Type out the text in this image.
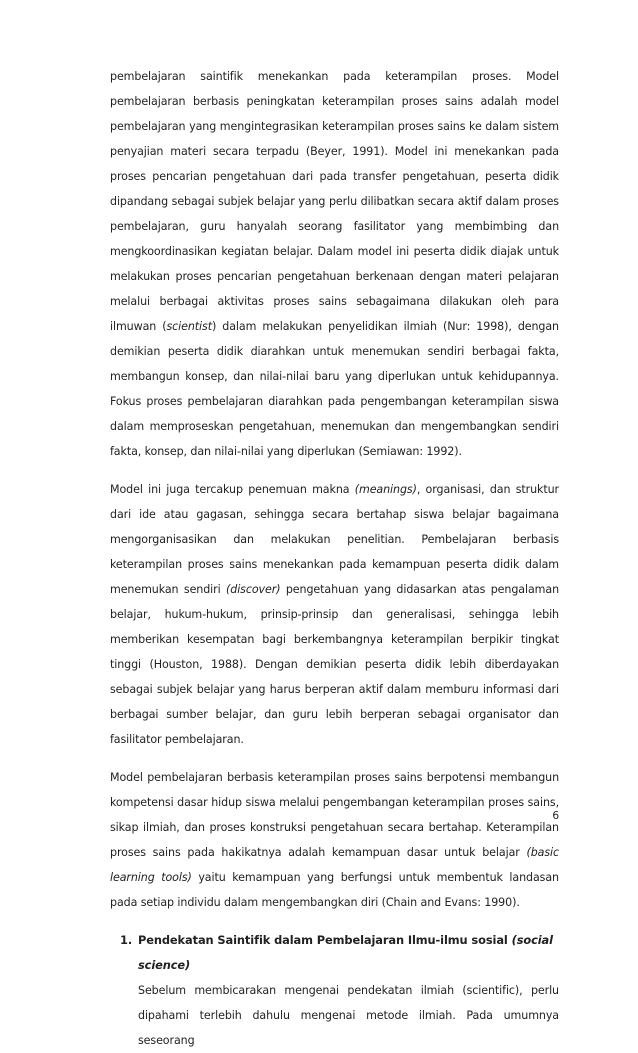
pembelajaran saintifik menekankan pada keterampilan proses. Model pembelajaran berbasis peningkatan keterampilan proses sains adalah model pembelajaran yang mengintegrasikan keterampilan proses sains ke dalam sistem penyajian materi secara terpadu (Beyer, 1991). Model ini menekankan pada proses pencarian pengetahuan dari pada transfer pengetahuan, peserta didik dipandang sebagai subjek belajar yang perlu dilibatkan secara aktif dalam proses pembelajaran, guru hanyalah seorang fasilitator yang membimbing dan mengkoordinasikan kegiatan belajar. Dalam model ini peserta didik diajak untuk melakukan proses pencarian pengetahuan berkenaan dengan materi pelajaran melalui berbagai aktivitas proses sains sebagaimana dilakukan oleh para ilmuwan (scientist) dalam melakukan penyelidikan ilmiah (Nur: 1998), dengan demikian peserta didik diarahkan untuk menemukan sendiri berbagai fakta, membangun konsep, dan nilai-nilai baru yang diperlukan untuk kehidupannya. Fokus proses pembelajaran diarahkan pada pengembangan keterampilan siswa dalam memproseskan pengetahuan, menemukan dan mengembangkan sendiri fakta, konsep, dan nilai-nilai yang diperlukan (Semiawan: 1992).

Model ini juga tercakup penemuan makna (meanings), organisasi, dan struktur dari ide atau gagasan, sehingga secara bertahap siswa belajar bagaimana mengorganisasikan dan melakukan penelitian. Pembelajaran berbasis keterampilan proses sains menekankan pada kemampuan peserta didik dalam menemukan sendiri (discover) pengetahuan yang didasarkan atas pengalaman belajar, hukum-hukum, prinsip-prinsip dan generalisasi, sehingga lebih memberikan kesempatan bagi berkembangnya keterampilan berpikir tingkat tinggi (Houston, 1988). Dengan demikian peserta didik lebih diberdayakan sebagai subjek belajar yang harus berperan aktif dalam memburu informasi dari berbagai sumber belajar, dan guru lebih berperan sebagai organisator dan fasilitator pembelajaran.

Model pembelajaran berbasis keterampilan proses sains berpotensi membangun kompetensi dasar hidup siswa melalui pengembangan keterampilan proses sains, sikap ilmiah, dan proses konstruksi pengetahuan secara bertahap. Keterampilan proses sains pada hakikatnya adalah kemampuan dasar untuk belajar (basic learning tools) yaitu kemampuan yang berfungsi untuk membentuk landasan pada setiap individu dalam mengembangkan diri (Chain and Evans: 1990).

1. Pendekatan Saintifik dalam Pembelajaran Ilmu-ilmu sosial (social science)

Sebelum membicarakan mengenai pendekatan ilmiah (scientific), perlu dipahami terlebih dahulu mengenai metode ilmiah. Pada umumnya seseorang

6
